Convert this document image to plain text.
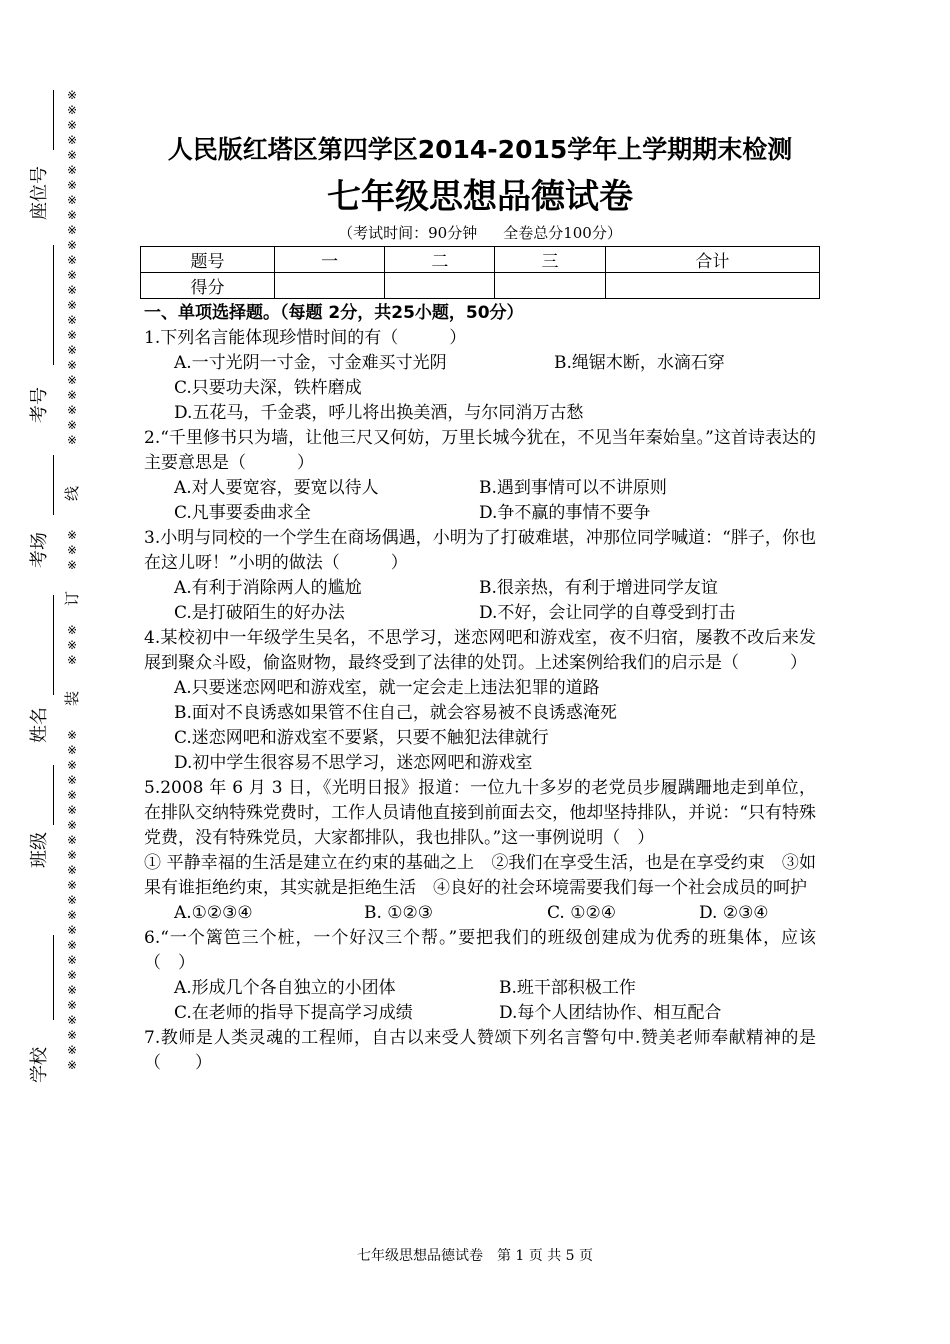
座位号
考号
考场
姓名
班级
学校
※※※※※※※※※※
※※※※※※※※※※
※※※※
线
※※※
订
※※※
装
※※※※※※※※※※
※※※※※※※※※※
※※※
人民版红塔区第四学区2014-2015学年上学期期末检测
七年级思想品德试卷
（考试时间：90分钟 全卷总分100分）
题号	一	二	三	合计
得分				
一、单项选择题。（每题 2分，共25小题，50分）
1.下列名言能体现珍惜时间的有（　　　）
A.一寸光阴一寸金，寸金难买寸光阴	B.绳锯木断，水滴石穿
C.只要功夫深，铁杵磨成
D.五花马，千金裘，呼儿将出换美酒，与尔同消万古愁
2.“千里修书只为墙，让他三尺又何妨，万里长城今犹在，不见当年秦始皇。”这首诗表达的主要意思是（　　　）
A.对人要宽容，要宽以待人	B.遇到事情可以不讲原则
C.凡事要委曲求全	D.争不赢的事情不要争
3.小明与同校的一个学生在商场偶遇，小明为了打破难堪，冲那位同学喊道：“胖子，你也在这儿呀！”小明的做法（　　　）
A.有利于消除两人的尴尬	B.很亲热，有利于增进同学友谊
C.是打破陌生的好办法	D.不好，会让同学的自尊受到打击
4.某校初中一年级学生吴名，不思学习，迷恋网吧和游戏室，夜不归宿，屡教不改后来发展到聚众斗殴，偷盗财物，最终受到了法律的处罚。上述案例给我们的启示是（　　　）
A.只要迷恋网吧和游戏室，就一定会走上违法犯罪的道路
B.面对不良诱惑如果管不住自己，就会容易被不良诱惑淹死
C.迷恋网吧和游戏室不要紧，只要不触犯法律就行
D.初中学生很容易不思学习，迷恋网吧和游戏室
5.2008 年 6 月 3 日，《光明日报》报道：一位九十多岁的老党员步履蹒跚地走到单位，在排队交纳特殊党费时，工作人员请他直接到前面去交，他却坚持排队，并说：“只有特殊党费，没有特殊党员，大家都排队，我也排队。”这一事例说明（　）
① 平静幸福的生活是建立在约束的基础之上　②我们在享受生活，也是在享受约束　③如果有谁拒绝约束，其实就是拒绝生活　④良好的社会环境需要我们每一个社会成员的呵护
A.①②③④	B. ①②③	C. ①②④	D. ②③④
6.“一个篱笆三个桩，一个好汉三个帮。”要把我们的班级创建成为优秀的班集体，应该　（　）
A.形成几个各自独立的小团体	B.班干部积极工作
C.在老师的指导下提高学习成绩	D.每个人团结协作、相互配合
7.教师是人类灵魂的工程师，自古以来受人赞颂下列名言警句中.赞美老师奉献精神的是（　　）
七年级思想品德试卷　第 1 页 共 5 页
